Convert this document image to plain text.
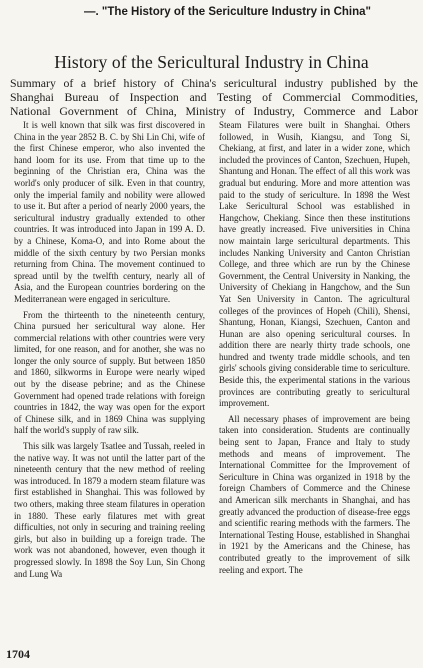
—. "The History of the Sericulture Industry in China"
History of the Sericultural Industry in China
Summary of a brief history of China's sericultural industry published by the
Shanghai Bureau of Inspection and Testing of Commercial Commodities,
National Government of China, Ministry of Industry, Commerce and Labor

It is well known that silk was first discovered in China in the year 2852 B. C. by Shi Lin Chi, wife of the first Chinese emperor, who also invented the hand loom for its use. From that time up to the beginning of the Christian era, China was the world's only producer of silk. Even in that country, only the imperial family and nobility were allowed to use it. But after a period of nearly 2000 years, the sericultural industry gradually extended to other countries. It was introduced into Japan in 199 A. D. by a Chinese, Koma-O, and into Rome about the middle of the sixth century by two Persian monks returning from China. The movement continued to spread until by the twelfth century, nearly all of Asia, and the European countries bordering on the Mediterranean were engaged in sericulture.

From the thirteenth to the nineteenth century, China pursued her sericultural way alone. Her commercial relations with other countries were very limited, for one reason, and for another, she was no longer the only source of supply. But between 1850 and 1860, silkworms in Europe were nearly wiped out by the disease pebrine; and as the Chinese Government had opened trade relations with foreign countries in 1842, the way was open for the export of Chinese silk, and in 1869 China was supplying half the world's supply of raw silk.

This silk was largely Tsatlee and Tussah, reeled in the native way. It was not until the latter part of the nineteenth century that the new method of reeling was introduced. In 1879 a modern steam filature was first established in Shanghai. This was followed by two others, making three steam filatures in operation in 1880. These early filatures met with great difficulties, not only in securing and training reeling girls, but also in building up a foreign trade. The work was not abandoned, however, even though it progressed slowly. In 1898 the Soy Lun, Sin Chong and Lung Wa

Steam Filatures were built in Shanghai. Others followed, in Wusih, Kiangsu, and Tong Si, Chekiang, at first, and later in a wider zone, which included the provinces of Canton, Szechuen, Hupeh, Shantung and Honan. The effect of all this work was gradual but enduring. More and more attention was paid to the study of sericulture. In 1898 the West Lake Sericultural School was established in Hangchow, Chekiang. Since then these institutions have greatly increased. Five universities in China now maintain large sericultural departments. This includes Nanking University and Canton Christian College, and three which are run by the Chinese Government, the Central University in Nanking, the University of Chekiang in Hangchow, and the Sun Yat Sen University in Canton. The agricultural colleges of the provinces of Hopeh (Chili), Shensi, Shantung, Honan, Kiangsi, Szechuen, Canton and Hunan are also opening sericultural courses. In addition there are nearly thirty trade schools, one hundred and twenty trade middle schools, and ten girls' schools giving considerable time to sericulture. Beside this, the experimental stations in the various provinces are contributing greatly to sericultural improvement.

All necessary phases of improvement are being taken into consideration. Students are continually being sent to Japan, France and Italy to study methods and means of improvement. The International Committee for the Improvement of Sericulture in China was organized in 1918 by the foreign Chambers of Commerce and the Chinese and American silk merchants in Shanghai, and has greatly advanced the production of disease-free eggs and scientific rearing methods with the farmers. The International Testing House, established in Shanghai in 1921 by the Americans and the Chinese, has contributed greatly to the improvement of silk reeling and export. The

1704
